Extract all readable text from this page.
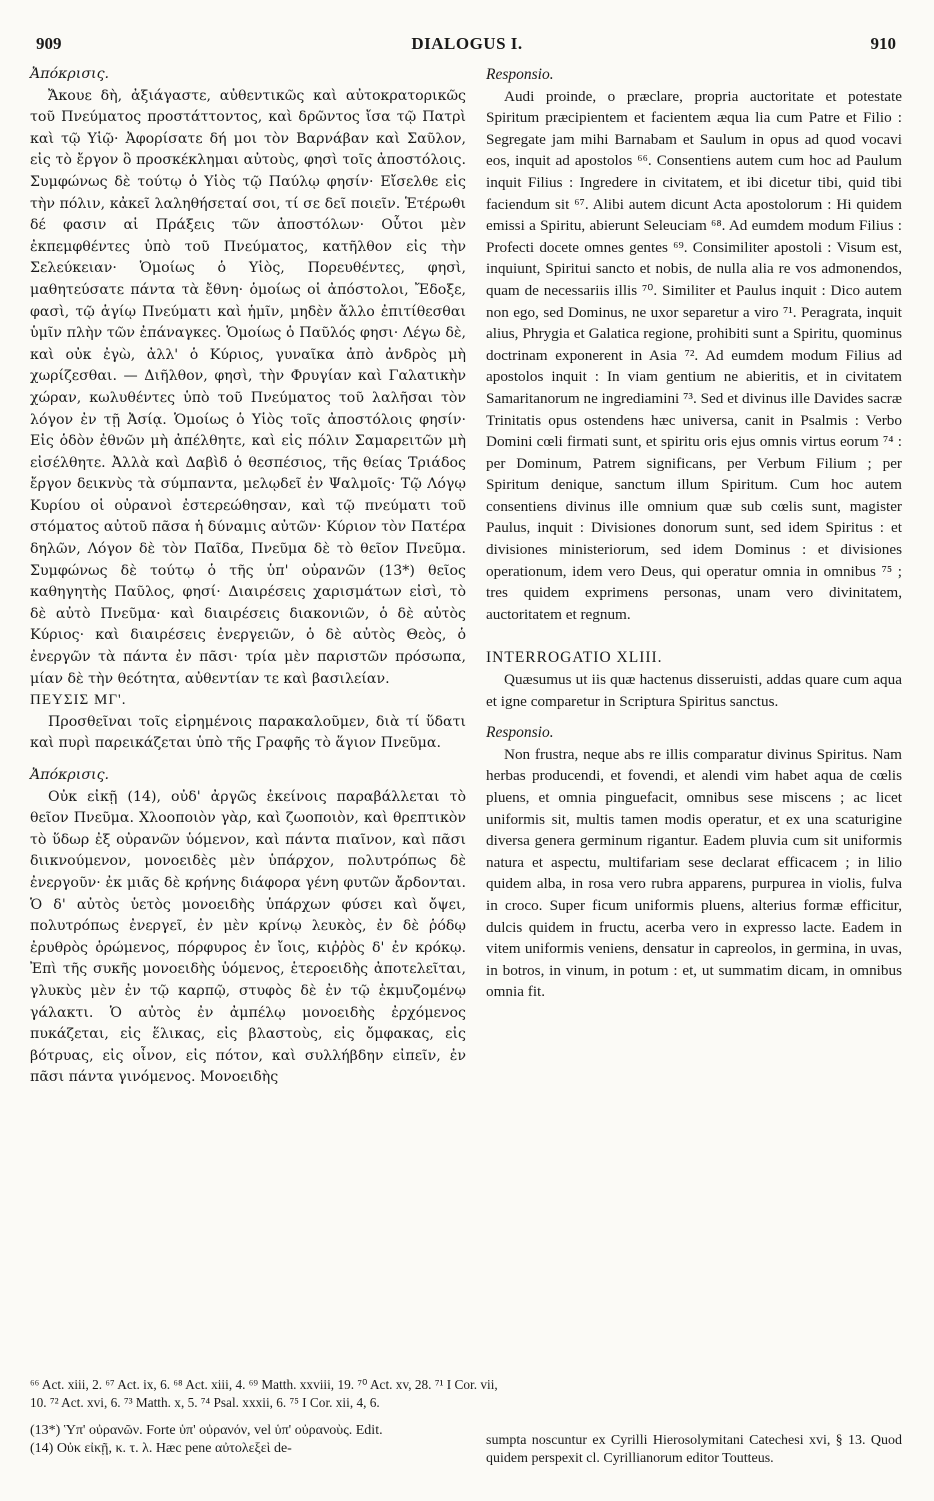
909	DIALOGUS I.	910

Ἀπόκρισις.

Ἄκουε δὴ, ἀξιάγαστε, αὐθεντικῶς καὶ αὐτοκρατορικῶς τοῦ Πνεύματος προστάττοντος, καὶ δρῶντος ἴσα τῷ Πατρὶ καὶ τῷ Υἱῷ· Ἀφορίσατε δή μοι τὸν Βαρνάβαν καὶ Σαῦλον, εἰς τὸ ἔργον ὃ προσκέκλημαι αὐτοὺς, φησὶ τοῖς ἀποστόλοις. Συμφώνως δὲ τούτῳ ὁ Υἱὸς τῷ Παύλῳ φησίν· Εἴσελθε εἰς τὴν πόλιν, κἀκεῖ λαληθήσεταί σοι, τί σε δεῖ ποιεῖν. Ἑτέρωθι δέ φασιν αἱ Πράξεις τῶν ἀποστόλων· Οὗτοι μὲν ἐκπεμφθέντες ὑπὸ τοῦ Πνεύματος, κατῆλθον εἰς τὴν Σελεύκειαν· Ὁμοίως ὁ Υἱὸς, Πορευθέντες, φησὶ, μαθητεύσατε πάντα τὰ ἔθνη· ὁμοίως οἱ ἀπόστολοι, Ἔδοξε, φασὶ, τῷ ἁγίῳ Πνεύματι καὶ ἡμῖν, μηδὲν ἄλλο ἐπιτίθεσθαι ὑμῖν πλὴν τῶν ἐπάναγκες. Ὁμοίως ὁ Παῦλός φησι· Λέγω δὲ, καὶ οὐκ ἐγὼ, ἀλλ' ὁ Κύριος, γυναῖκα ἀπὸ ἀνδρὸς μὴ χωρίζεσθαι. — Διῆλθον, φησὶ, τὴν Φρυγίαν καὶ Γαλατικὴν χώραν, κωλυθέντες ὑπὸ τοῦ Πνεύματος τοῦ λαλῆσαι τὸν λόγον ἐν τῇ Ἀσίᾳ. Ὁμοίως ὁ Υἱὸς τοῖς ἀποστόλοις φησίν· Εἰς ὁδὸν ἐθνῶν μὴ ἀπέλθητε, καὶ εἰς πόλιν Σαμαρειτῶν μὴ εἰσέλθητε. Ἀλλὰ καὶ Δαβὶδ ὁ θεσπέσιος, τῆς θείας Τριάδος ἔργον δεικνὺς τὰ σύμπαντα, μελῳδεῖ ἐν Ψαλμοῖς· Τῷ Λόγῳ Κυρίου οἱ οὐρανοὶ ἐστερεώθησαν, καὶ τῷ πνεύματι τοῦ στόματος αὐτοῦ πᾶσα ἡ δύναμις αὐτῶν· Κύριον τὸν Πατέρα δηλῶν, Λόγον δὲ τὸν Παῖδα, Πνεῦμα δὲ τὸ θεῖον Πνεῦμα. Συμφώνως δὲ τούτῳ ὁ τῆς ὑπ' οὐρανῶν (13*) θεῖος καθηγητὴς Παῦλος, φησί· Διαιρέσεις χαρισμάτων εἰσὶ, τὸ δὲ αὐτὸ Πνεῦμα· καὶ διαιρέσεις διακονιῶν, ὁ δὲ αὐτὸς Κύριος· καὶ διαιρέσεις ἐνεργειῶν, ὁ δὲ αὐτὸς Θεὸς, ὁ ἐνεργῶν τὰ πάντα ἐν πᾶσι· τρία μὲν παριστῶν πρόσωπα, μίαν δὲ τὴν θεότητα, αὐθεντίαν τε καὶ βασιλείαν.

ΠΕΥΣΙΣ ΜΓ'.

Προσθεῖναι τοῖς εἰρημένοις παρακαλοῦμεν, διὰ τί ὕδατι καὶ πυρὶ παρεικάζεται ὑπὸ τῆς Γραφῆς τὸ ἅγιον Πνεῦμα.

Ἀπόκρισις.

Οὐκ εἰκῇ (14), οὐδ' ἀργῶς ἐκείνοις παραβάλλεται τὸ θεῖον Πνεῦμα. Χλοοποιὸν γὰρ, καὶ ζωοποιὸν, καὶ θρεπτικὸν τὸ ὕδωρ ἐξ οὐρανῶν ὑόμενον, καὶ πάντα πιαῖνον, καὶ πᾶσι διικνούμενον, μονοειδὲς μὲν ὑπάρχον, πολυτρόπως δὲ ἐνεργοῦν· ἐκ μιᾶς δὲ κρήνης διάφορα γένη φυτῶν ἄρδονται. Ὁ δ' αὐτὸς ὑετὸς μονοειδὴς ὑπάρχων φύσει καὶ ὄψει, πολυτρόπως ἐνεργεῖ, ἐν μὲν κρίνῳ λευκὸς, ἐν δὲ ῥόδῳ ἐρυθρὸς ὁρώμενος, πόρφυρος ἐν ἴοις, κιῤῥὸς δ' ἐν κρόκῳ. Ἐπὶ τῆς συκῆς μονοειδὴς ὑόμενος, ἑτεροειδὴς ἀποτελεῖται, γλυκὺς μὲν ἐν τῷ καρπῷ, στυφὸς δὲ ἐν τῷ ἐκμυζομένῳ γάλακτι. Ὁ αὐτὸς ἐν ἀμπέλῳ μονοειδὴς ἐρχόμενος πυκάζεται, εἰς ἕλικας, εἰς βλαστοὺς, εἰς ὄμφακας, εἰς βότρυας, εἰς οἶνον, εἰς πότον, καὶ συλλήβδην εἰπεῖν, ἐν πᾶσι πάντα γινόμενος. Μονοειδὴς

Responsio.

Audi proinde, o præclare, propria auctoritate et potestate Spiritum præcipientem et facientem æqua lia cum Patre et Filio : Segregate jam mihi Barnabam et Saulum in opus ad quod vocavi eos, inquit ad apostolos ⁶⁶. Consentiens autem cum hoc ad Paulum inquit Filius : Ingredere in civitatem, et ibi dicetur tibi, quid tibi faciendum sit ⁶⁷. Alibi autem dicunt Acta apostolorum : Hi quidem emissi a Spiritu, abierunt Seleuciam ⁶⁸. Ad eumdem modum Filius : Profecti docete omnes gentes ⁶⁹. Consimiliter apostoli : Visum est, inquiunt, Spiritui sancto et nobis, de nulla alia re vos admonendos, quam de necessariis illis ⁷⁰. Similiter et Paulus inquit : Dico autem non ego, sed Dominus, ne uxor separetur a viro ⁷¹. Peragrata, inquit alius, Phrygia et Galatica regione, prohibiti sunt a Spiritu, quominus doctrinam exponerent in Asia ⁷². Ad eumdem modum Filius ad apostolos inquit : In viam gentium ne abieritis, et in civitatem Samaritanorum ne ingrediamini ⁷³. Sed et divinus ille Davides sacræ Trinitatis opus ostendens hæc universa, canit in Psalmis : Verbo Domini cœli firmati sunt, et spiritu oris ejus omnis virtus eorum ⁷⁴ : per Dominum, Patrem significans, per Verbum Filium ; per Spiritum denique, sanctum illum Spiritum. Cum hoc autem consentiens divinus ille omnium quæ sub cœlis sunt, magister Paulus, inquit : Divisiones donorum sunt, sed idem Spiritus : et divisiones ministeriorum, sed idem Dominus : et divisiones operationum, idem vero Deus, qui operatur omnia in omnibus ⁷⁵ ; tres quidem exprimens personas, unam vero divinitatem, auctoritatem et regnum.

INTERROGATIO XLIII.

Quæsumus ut iis quæ hactenus disseruisti, addas quare cum aqua et igne comparetur in Scriptura Spiritus sanctus.

Responsio.

Non frustra, neque abs re illis comparatur divinus Spiritus. Nam herbas producendi, et fovendi, et alendi vim habet aqua de cœlis pluens, et omnia pinguefacit, omnibus sese miscens ; ac licet uniformis sit, multis tamen modis operatur, et ex una scaturigine diversa genera germinum rigantur. Eadem pluvia cum sit uniformis natura et aspectu, multifariam sese declarat efficacem ; in lilio quidem alba, in rosa vero rubra apparens, purpurea in violis, fulva in croco. Super ficum uniformis pluens, alterius formæ efficitur, dulcis quidem in fructu, acerba vero in expresso lacte. Eadem in vitem uniformis veniens, densatur in capreolos, in germina, in uvas, in botros, in vinum, in potum : et, ut summatim dicam, in omnibus omnia fit.

⁶⁶ Act. xiii, 2. ⁶⁷ Act. ix, 6. ⁶⁸ Act. xiii, 4. ⁶⁹ Matth. xxviii, 19. ⁷⁰ Act. xv, 28. ⁷¹ I Cor. vii,
10. ⁷² Act. xvi, 6. ⁷³ Matth. x, 5. ⁷⁴ Psal. xxxii, 6. ⁷⁵ I Cor. xii, 4, 6.

(13*) Ὑπ' οὐρανῶν. Forte ὑπ' οὐρανόν, vel ὑπ' οὐρανοὺς. Edit.

(14) Οὐκ εἰκῇ, κ. τ. λ. Hæc pene αὐτολεξεὶ de-

sumpta noscuntur ex Cyrilli Hierosolymitani Catechesi xvi, § 13. Quod quidem perspexit cl. Cyrillianorum editor Toutteus.
